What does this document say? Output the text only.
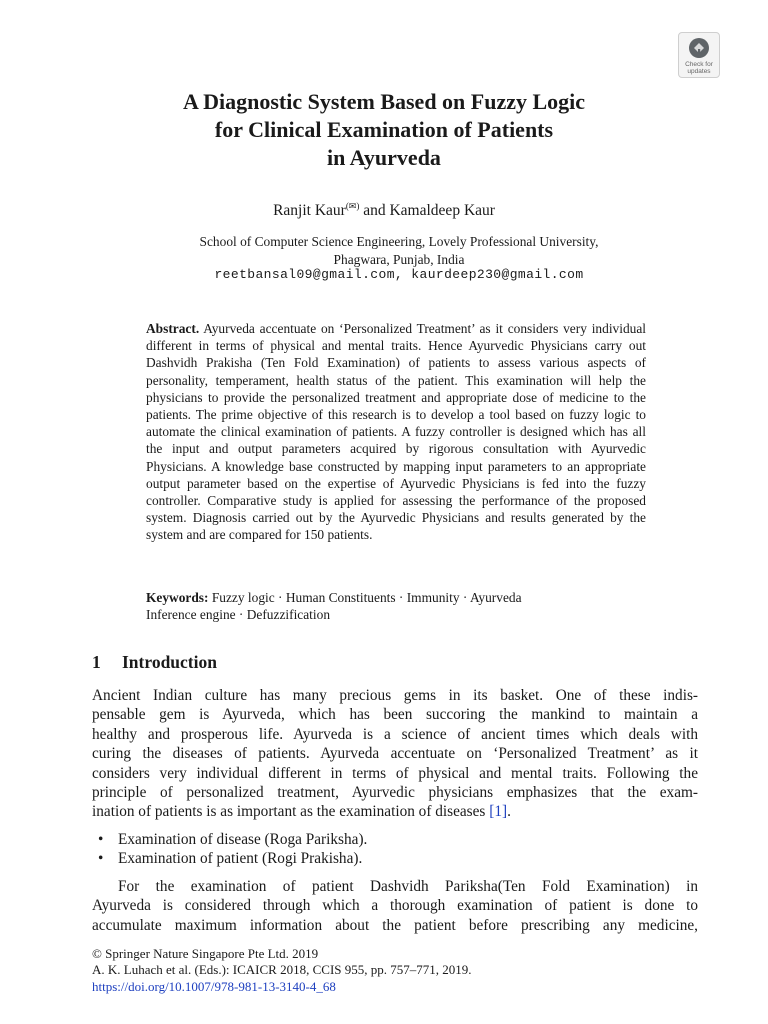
Check for
updates
A Diagnostic System Based on Fuzzy Logic
for Clinical Examination of Patients
in Ayurveda
Ranjit Kaur(✉) and Kamaldeep Kaur
School of Computer Science Engineering, Lovely Professional University,
Phagwara, Punjab, India
reetbansal09@gmail.com, kaurdeep230@gmail.com
Abstract. Ayurveda accentuate on ‘Personalized Treatment’ as it considers very individual different in terms of physical and mental traits. Hence Ayurvedic Physicians carry out Dashvidh Prakisha (Ten Fold Examination) of patients to assess various aspects of personality, temperament, health status of the patient. This examination will help the physicians to provide the personalized treatment and appropriate dose of medicine to the patients. The prime objective of this research is to develop a tool based on fuzzy logic to automate the clinical examination of patients. A fuzzy controller is designed which has all the input and output parameters acquired by rigorous consultation with Ayurvedic Physicians. A knowledge base constructed by mapping input parameters to an appropriate output parameter based on the expertise of Ayurvedic Physicians is fed into the fuzzy controller. Comparative study is applied for assessing the performance of the proposed system. Diagnosis carried out by the Ayurvedic Physicians and results generated by the system and are compared for 150 patients.
Keywords: Fuzzy logic · Human Constituents · Immunity · Ayurveda
Inference engine · Defuzzification
1 Introduction
Ancient Indian culture has many precious gems in its basket. One of these indis-
pensable gem is Ayurveda, which has been succoring the mankind to maintain a
healthy and prosperous life. Ayurveda is a science of ancient times which deals with
curing the diseases of patients. Ayurveda accentuate on ‘Personalized Treatment’ as it
considers very individual different in terms of physical and mental traits. Following the
principle of personalized treatment, Ayurvedic physicians emphasizes that the exam-
ination of patients is as important as the examination of diseases [1].
• Examination of disease (Roga Pariksha).
• Examination of patient (Rogi Prakisha).
For the examination of patient Dashvidh Pariksha(Ten Fold Examination) in
Ayurveda is considered through which a thorough examination of patient is done to
accumulate maximum information about the patient before prescribing any medicine,
© Springer Nature Singapore Pte Ltd. 2019
A. K. Luhach et al. (Eds.): ICAICR 2018, CCIS 955, pp. 757–771, 2019.
https://doi.org/10.1007/978-981-13-3140-4_68
